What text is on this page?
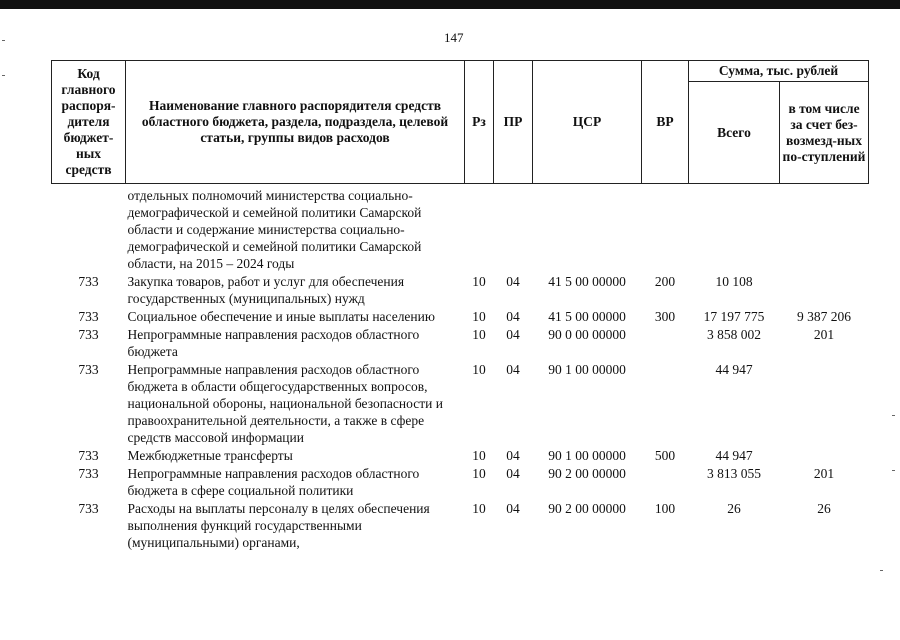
147
Код главного распоря-дителя бюджет-ных средств	Наименование главного распорядителя средств областного бюджета, раздела, подраздела, целевой статьи, группы видов расходов	Рз	ПР	ЦСР	ВР	Сумма, тыс. рублей	
						Всего	в том числе за счет без-возмезд-ных по-ступлений
	отдельных полномочий министерства социально-демографической и семейной политики Самарской области и содержание министерства социально-демографической и семейной политики Самарской области, на 2015 – 2024 годы						
733	Закупка товаров, работ и услуг для обеспечения государственных (муниципальных) нужд	10	04	41 5 00 00000	200	10 108	
733	Социальное обеспечение и иные выплаты населению	10	04	41 5 00 00000	300	17 197 775	9 387 206
733	Непрограммные направления расходов областного бюджета	10	04	90 0 00 00000		3 858 002	201
733	Непрограммные направления расходов областного бюджета в области общегосударственных вопросов, национальной обороны, национальной безопасности и правоохранительной деятельности, а также в сфере средств массовой информации	10	04	90 1 00 00000		44 947	
733	Межбюджетные трансферты	10	04	90 1 00 00000	500	44 947	
733	Непрограммные направления расходов областного бюджета в сфере социальной политики	10	04	90 2 00 00000		3 813 055	201
733	Расходы на выплаты персоналу в целях обеспечения выполнения функций государственными (муниципальными) органами,	10	04	90 2 00 00000	100	26	26
